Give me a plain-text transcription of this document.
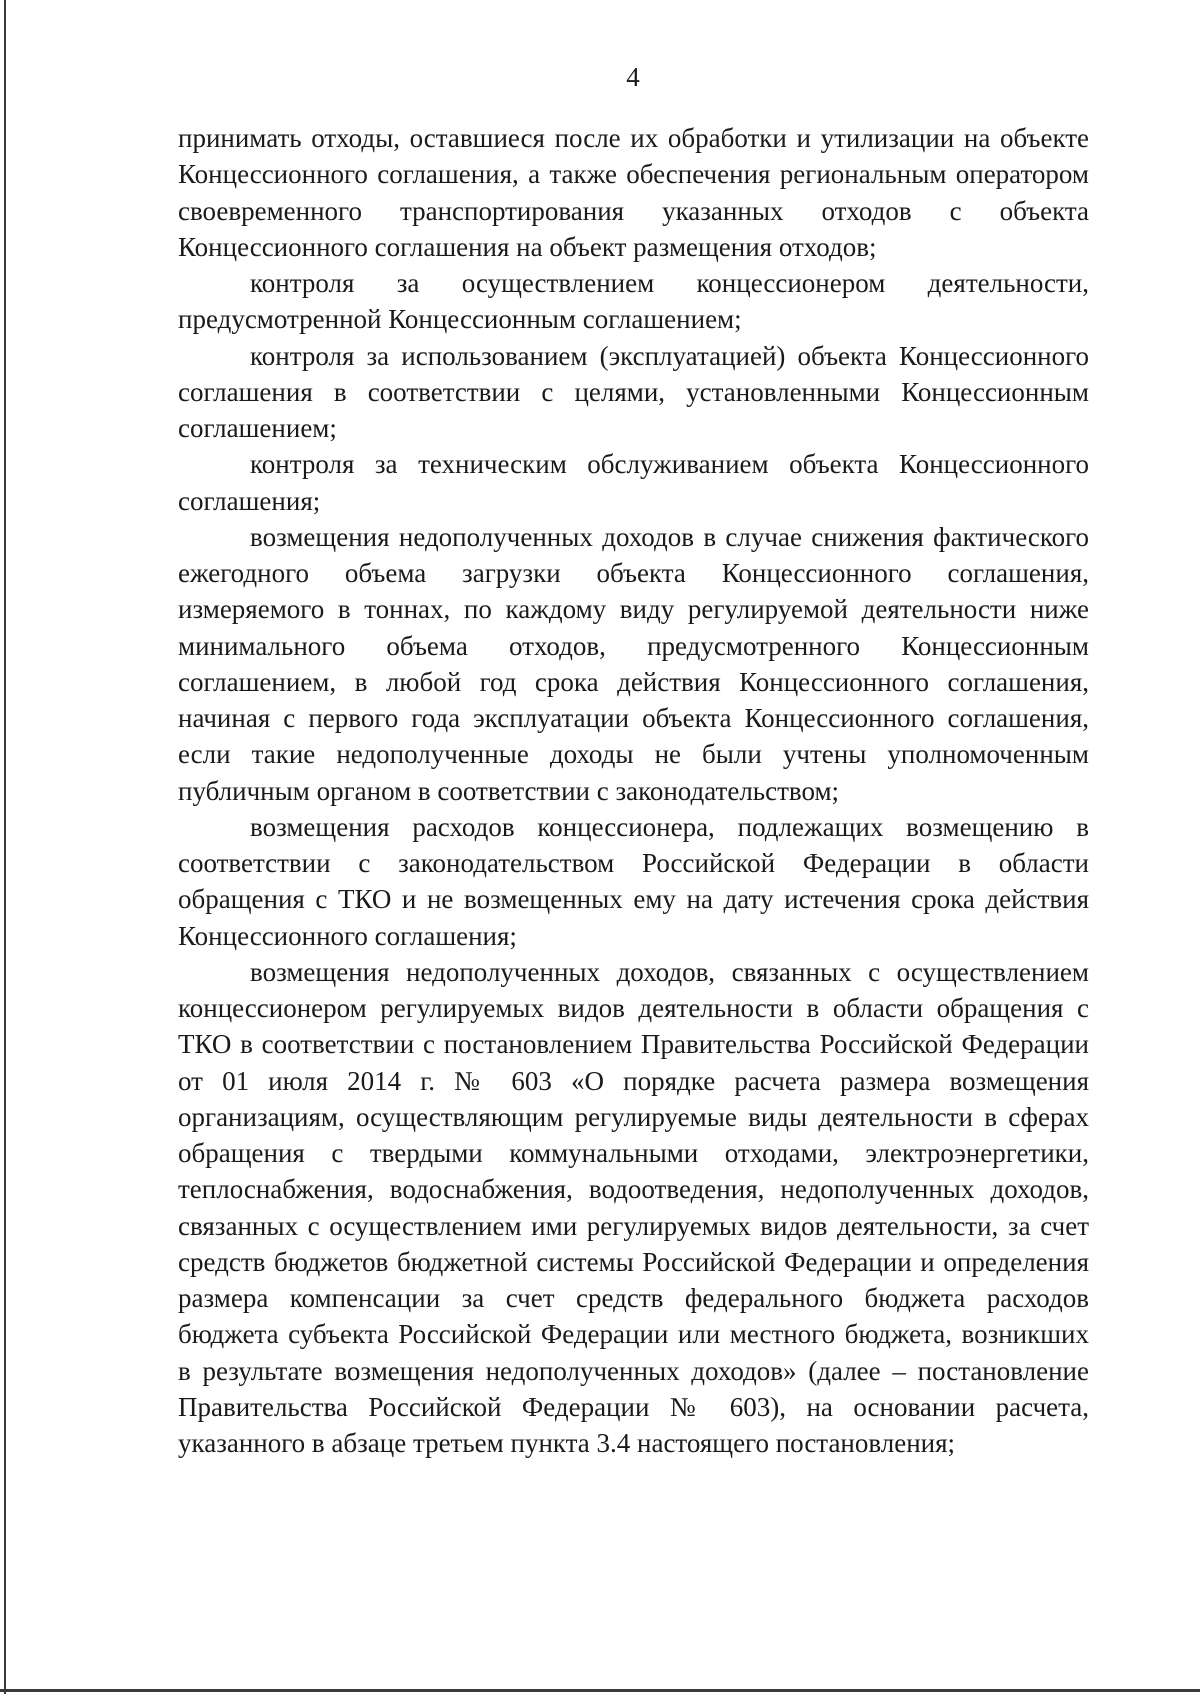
4

принимать отходы, оставшиеся после их обработки и утилизации на объекте Концессионного соглашения, а также обеспечения региональным оператором своевременного транспортирования указанных отходов с объекта Концессионного соглашения на объект размещения отходов;

контроля за осуществлением концессионером деятельности, предусмотренной Концессионным соглашением;

контроля за использованием (эксплуатацией) объекта Концессионного соглашения в соответствии с целями, установленными Концессионным соглашением;

контроля за техническим обслуживанием объекта Концессионного соглашения;

возмещения недополученных доходов в случае снижения фактического ежегодного объема загрузки объекта Концессионного соглашения, измеряемого в тоннах, по каждому виду регулируемой деятельности ниже минимального объема отходов, предусмотренного Концессионным соглашением, в любой год срока действия Концессионного соглашения, начиная с первого года эксплуатации объекта Концессионного соглашения, если такие недополученные доходы не были учтены уполномоченным публичным органом в соответствии с законодательством;

возмещения расходов концессионера, подлежащих возмещению в соответствии с законодательством Российской Федерации в области обращения с ТКО и не возмещенных ему на дату истечения срока действия Концессионного соглашения;

возмещения недополученных доходов, связанных с осуществлением концессионером регулируемых видов деятельности в области обращения с ТКО в соответствии с постановлением Правительства Российской Федерации от 01 июля 2014 г. № 603 «О порядке расчета размера возмещения организациям, осуществляющим регулируемые виды деятельности в сферах обращения с твердыми коммунальными отходами, электроэнергетики, теплоснабжения, водоснабжения, водоотведения, недополученных доходов, связанных с осуществлением ими регулируемых видов деятельности, за счет средств бюджетов бюджетной системы Российской Федерации и определения размера компенсации за счет средств федерального бюджета расходов бюджета субъекта Российской Федерации или местного бюджета, возникших в результате возмещения недополученных доходов» (далее – постановление Правительства Российской Федерации № 603), на основании расчета, указанного в абзаце третьем пункта 3.4 настоящего постановления;
